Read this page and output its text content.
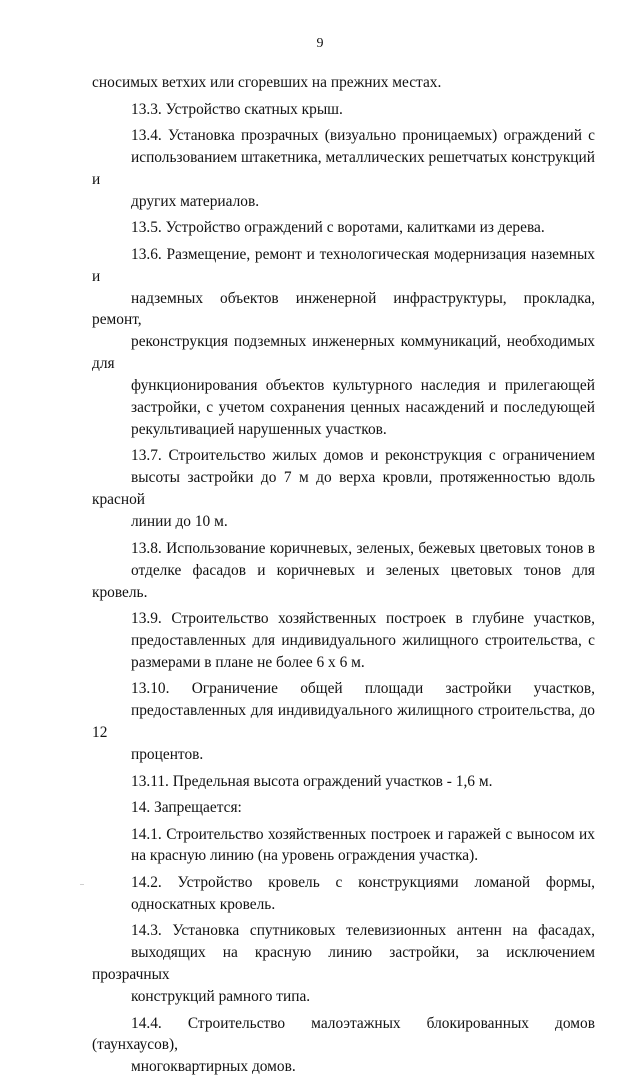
9

сносимых ветхих или сгоревших на прежних местах.

13.3. Устройство скатных крыш.

13.4. Установка прозрачных (визуально проницаемых) ограждений с
использованием штакетника, металлических решетчатых конструкций и
других материалов.

13.5. Устройство ограждений с воротами, калитками из дерева.

13.6. Размещение, ремонт и технологическая модернизация наземных и
надземных объектов инженерной инфраструктуры, прокладка, ремонт,
реконструкция подземных инженерных коммуникаций, необходимых для
функционирования объектов культурного наследия и прилегающей
застройки, с учетом сохранения ценных насаждений и последующей
рекультивацией нарушенных участков.

13.7. Строительство жилых домов и реконструкция с ограничением
высоты застройки до 7 м до верха кровли, протяженностью вдоль красной
линии до 10 м.

13.8. Использование коричневых, зеленых, бежевых цветовых тонов в
отделке фасадов и коричневых и зеленых цветовых тонов для кровель.

13.9. Строительство хозяйственных построек в глубине участков,
предоставленных для индивидуального жилищного строительства, с
размерами в плане не более 6 х 6 м.

13.10. Ограничение общей площади застройки участков,
предоставленных для индивидуального жилищного строительства, до 12
процентов.

13.11. Предельная высота ограждений участков - 1,6 м.

14. Запрещается:

14.1. Строительство хозяйственных построек и гаражей с выносом их
на красную линию (на уровень ограждения участка).

14.2. Устройство кровель с конструкциями ломаной формы,
односкатных кровель.

14.3. Установка спутниковых телевизионных антенн на фасадах,
выходящих на красную линию застройки, за исключением прозрачных
конструкций рамного типа.

14.4. Строительство малоэтажных блокированных домов (таунхаусов),
многоквартирных домов.
